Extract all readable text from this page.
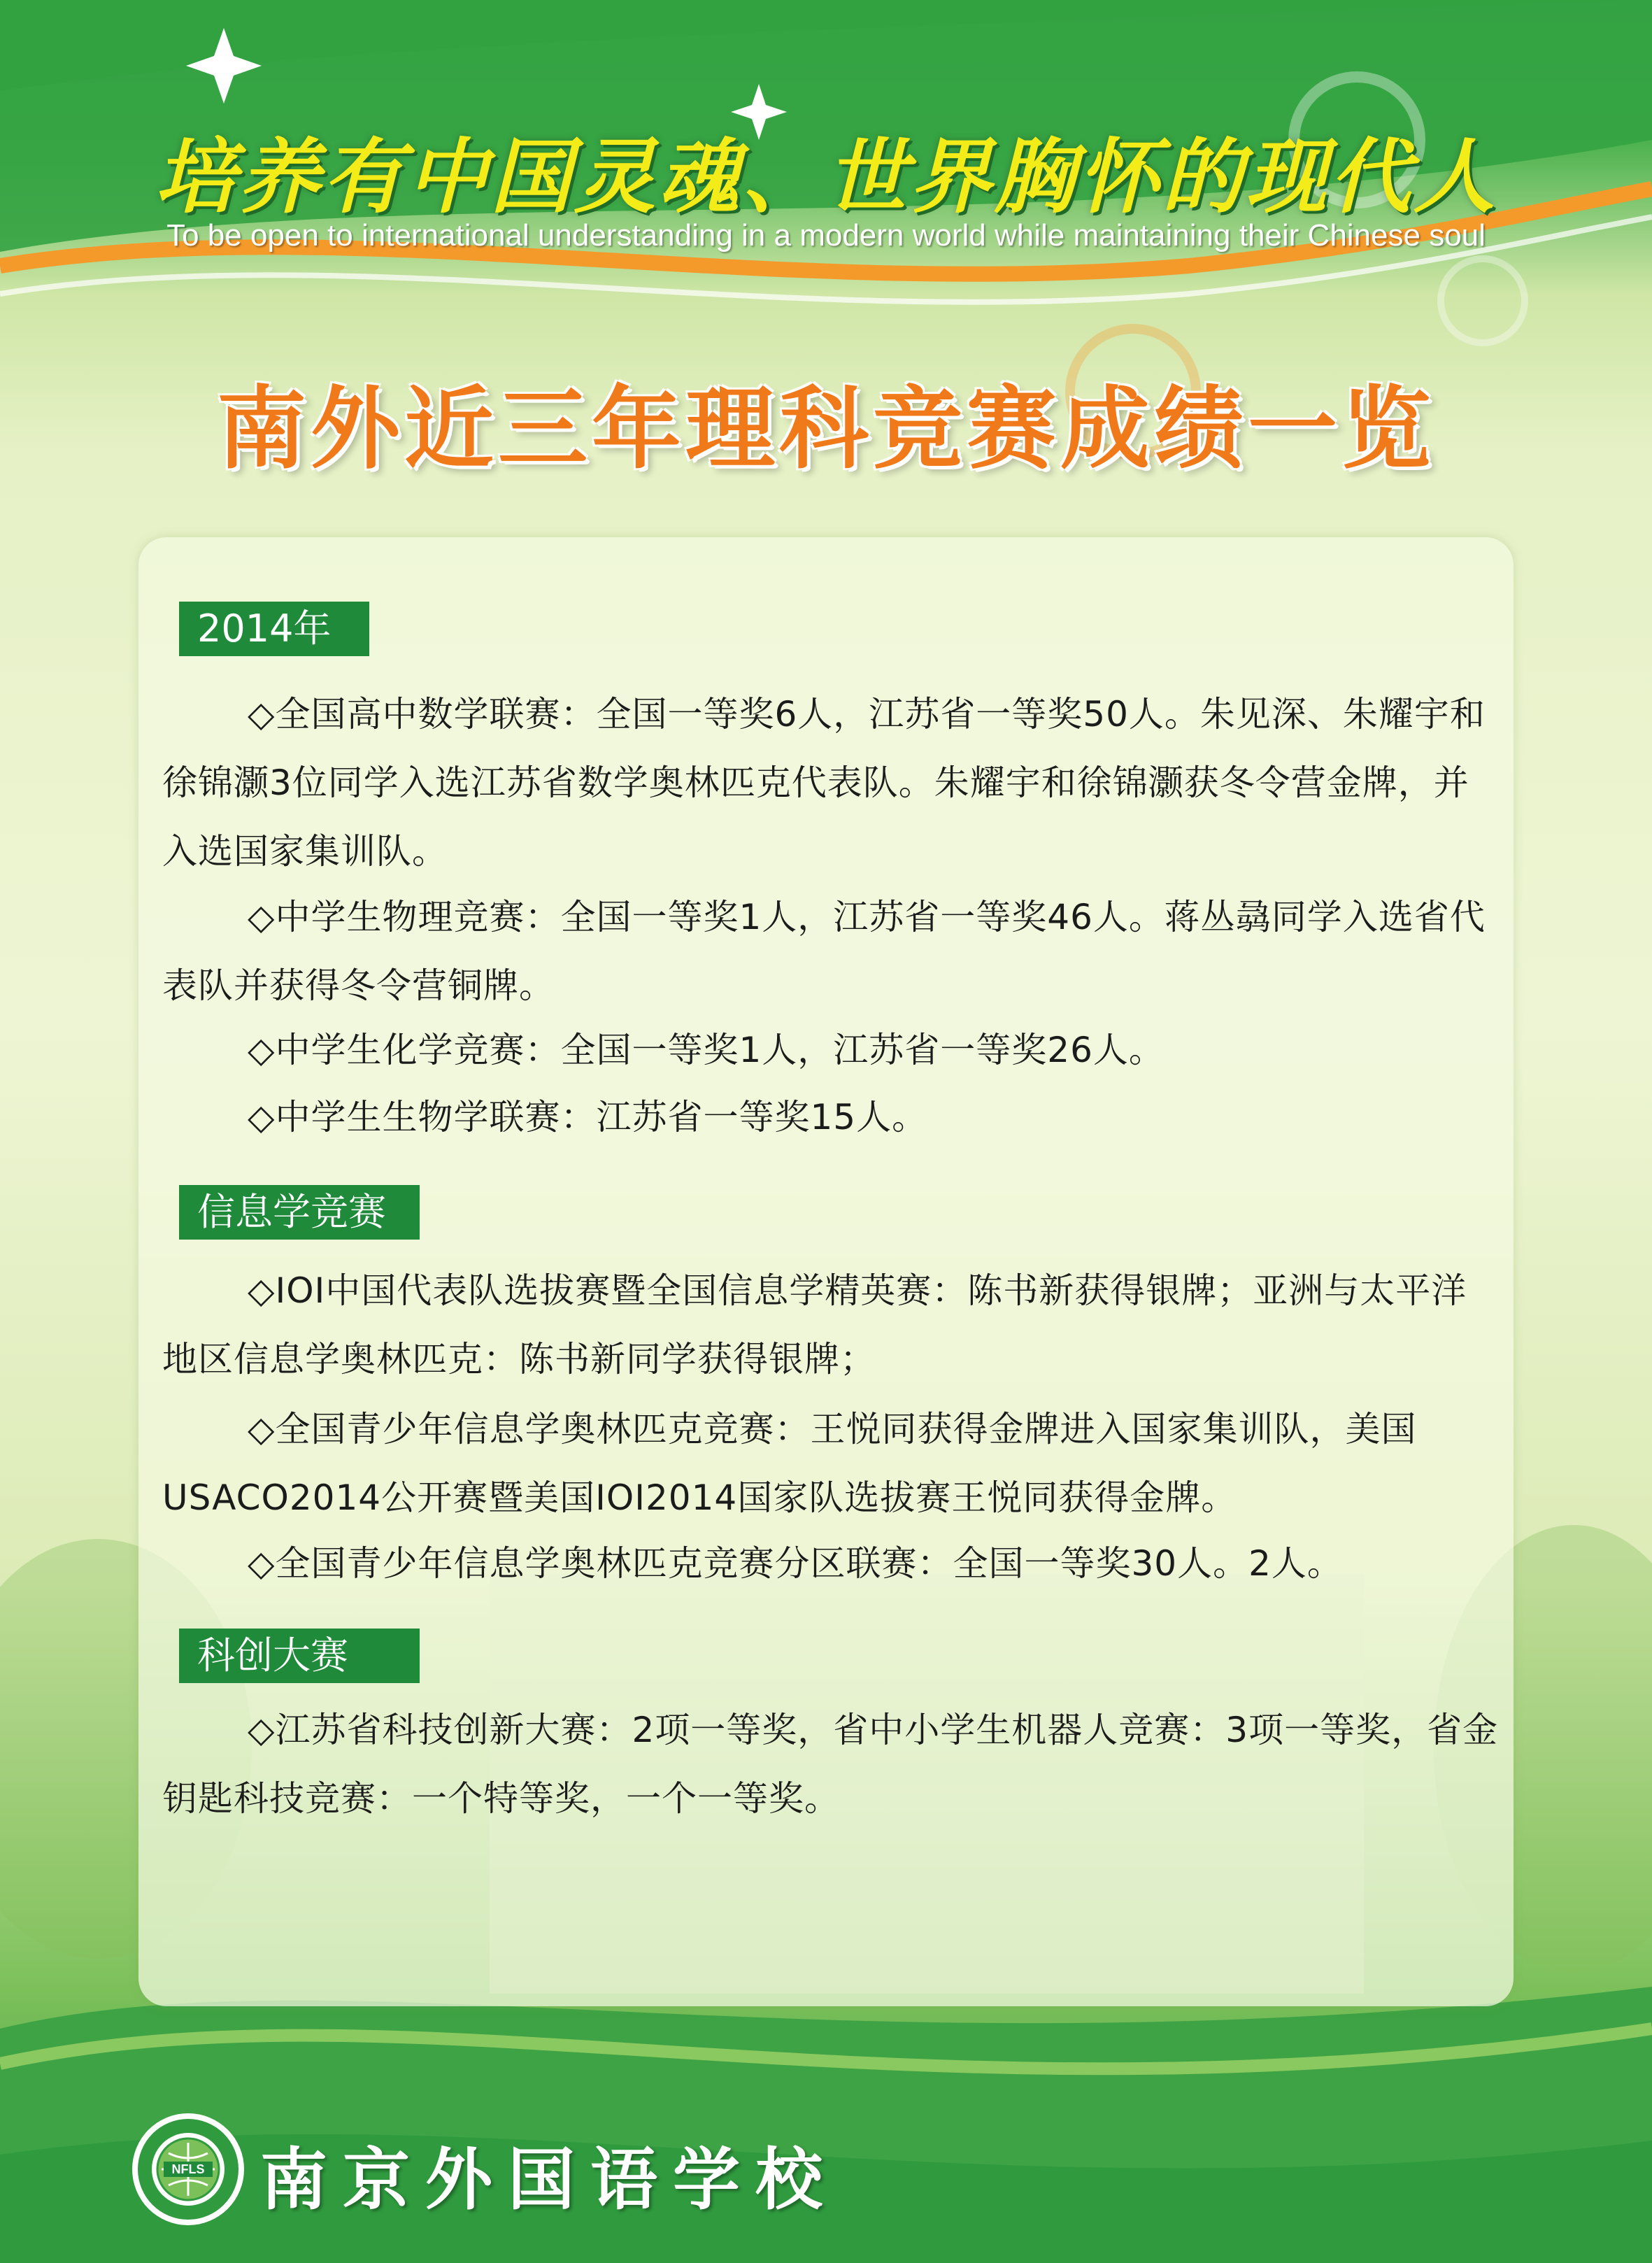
培养有中国灵魂、世界胸怀的现代人
To be open to international understanding in a modern world while maintaining their Chinese soul
南外近三年理科竞赛成绩一览
2014年
◇全国高中数学联赛：全国一等奖6人，江苏省一等奖50人。朱见深、朱耀宇和徐锦灏3位同学入选江苏省数学奥林匹克代表队。朱耀宇和徐锦灏获冬令营金牌，并入选国家集训队。
◇中学生物理竞赛：全国一等奖1人，江苏省一等奖46人。蒋丛骉同学入选省代表队并获得冬令营铜牌。
◇中学生化学竞赛：全国一等奖1人，江苏省一等奖26人。
◇中学生生物学联赛：江苏省一等奖15人。
信息学竞赛
◇IOI中国代表队选拔赛暨全国信息学精英赛：陈书新获得银牌；亚洲与太平洋地区信息学奥林匹克：陈书新同学获得银牌；
◇全国青少年信息学奥林匹克竞赛：王悦同获得金牌进入国家集训队，美国USACO2014公开赛暨美国IOI2014国家队选拔赛王悦同获得金牌。
◇全国青少年信息学奥林匹克竞赛分区联赛：全国一等奖30人。2人。
科创大赛
◇江苏省科技创新大赛：2项一等奖，省中小学生机器人竞赛：3项一等奖，省金钥匙科技竞赛：一个特等奖，一个一等奖。
NFLS 南京外国语学校
